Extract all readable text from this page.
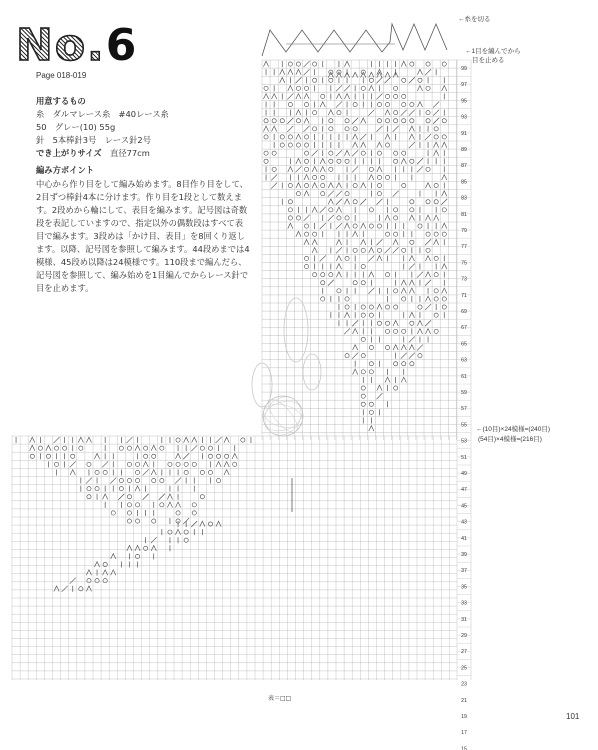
99
97
95
93
91
89
87
85
83
81
79
77
75
73
71
69
67
65
63
61
59
57
55
53
51
49
47
45
43
41
39
37
35
33
31
29
27
25
23
21
19
17
15
No.6
Page 018-019
用意するもの
糸　ダルマレース糸　#40レース糸
50　グレー(10) 55g
針　5本棒針3号　レース針2号
でき上がりサイズ　 直径77cm
編み方ポイント
中心から作り目をして編み始めます。8目作り目をして、2目ずつ棒針4本に分けます。作り目を1段として数えます。2段めから輪にして、表目を編みます。記号図は奇数段を表記していますので、指定以外の偶数段はすべて表目で編みます。3段めは「かけ目、表目」を8回くり返します。以降、記号図を参照して編みます。44段めまでは4模様、45段め以降は24模様です。110段まで編んだら、記号図を参照して、編み始めを1目編んでからレース針で目を止めます。
←糸を切る
←1目を編んでから
目を止める
←(10目)×24模様=(240目)
(54目)×4模様=(216目)
表＝□□
101
